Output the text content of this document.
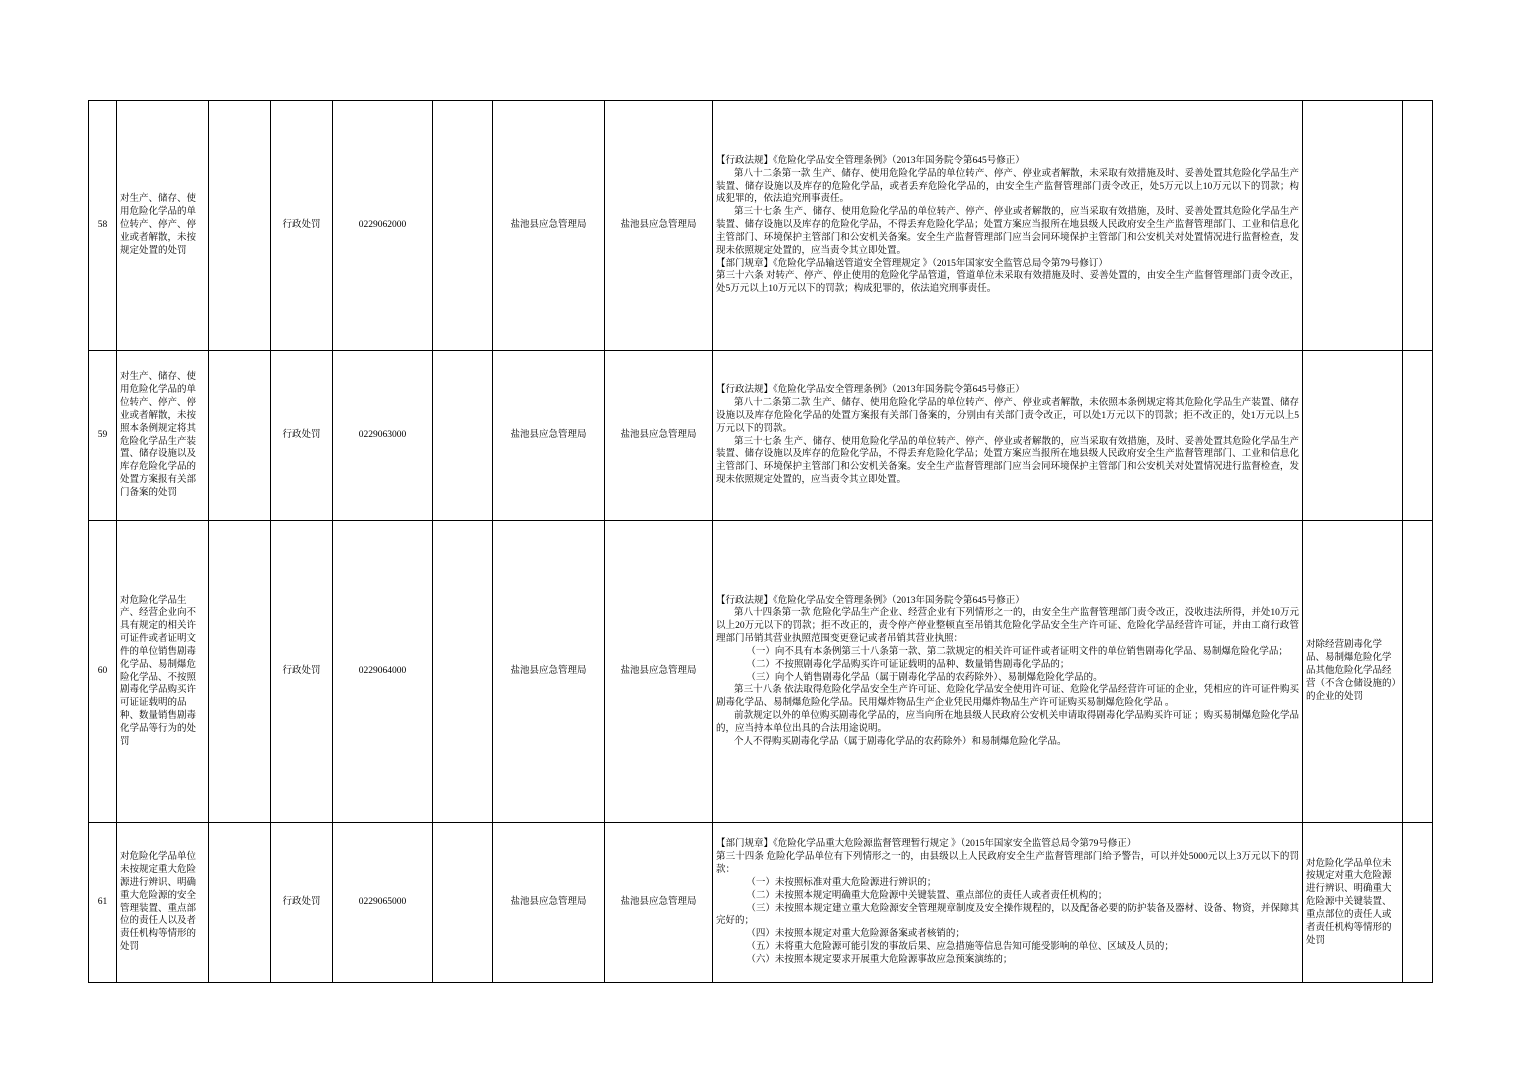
58	对生产、储存、使用危险化学品的单位转产、停产、停业或者解散，未按规定处置的处罚		行政处罚	0229062000		盐池县应急管理局	盐池县应急管理局	【行政法规】《危险化学品安全管理条例》（2013年国务院令第645号修正）
第八十二条第一款 生产、储存、使用危险化学品的单位转产、停产、停业或者解散，未采取有效措施及时、妥善处置其危险化学品生产装置、储存设施以及库存的危险化学品，或者丢弃危险化学品的，由安全生产监督管理部门责令改正，处5万元以上10万元以下的罚款；构成犯罪的，依法追究刑事责任。
第三十七条 生产、储存、使用危险化学品的单位转产、停产、停业或者解散的，应当采取有效措施，及时、妥善处置其危险化学品生产装置、储存设施以及库存的危险化学品，不得丢弃危险化学品；处置方案应当报所在地县级人民政府安全生产监督管理部门、工业和信息化主管部门、环境保护主管部门和公安机关备案。安全生产监督管理部门应当会同环境保护主管部门和公安机关对处置情况进行监督检查，发现未依照规定处置的，应当责令其立即处置。
【部门规章】《危险化学品输送管道安全管理规定 》（2015年国家安全监管总局令第79号修订）
第三十六条 对转产、停产、停止使用的危险化学品管道，管道单位未采取有效措施及时、妥善处置的，由安全生产监督管理部门责令改正，处5万元以上10万元以下的罚款；构成犯罪的，依法追究刑事责任。		

59	对生产、储存、使用危险化学品的单位转产、停产、停业或者解散，未按照本条例规定将其危险化学品生产装置、储存设施以及库存危险化学品的处置方案报有关部门备案的处罚		行政处罚	0229063000		盐池县应急管理局	盐池县应急管理局	【行政法规】《危险化学品安全管理条例》（2013年国务院令第645号修正）
第八十二条第二款 生产、储存、使用危险化学品的单位转产、停产、停业或者解散，未依照本条例规定将其危险化学品生产装置、储存设施以及库存危险化学品的处置方案报有关部门备案的，分别由有关部门责令改正，可以处1万元以下的罚款；拒不改正的，处1万元以上5万元以下的罚款。
第三十七条 生产、储存、使用危险化学品的单位转产、停产、停业或者解散的，应当采取有效措施，及时、妥善处置其危险化学品生产装置、储存设施以及库存的危险化学品，不得丢弃危险化学品；处置方案应当报所在地县级人民政府安全生产监督管理部门、工业和信息化主管部门、环境保护主管部门和公安机关备案。安全生产监督管理部门应当会同环境保护主管部门和公安机关对处置情况进行监督检查，发现未依照规定处置的，应当责令其立即处置。		

60	对危险化学品生产、经营企业向不具有规定的相关许可证件或者证明文件的单位销售剧毒化学品、易制爆危险化学品、不按照剧毒化学品购买许可证证载明的品种、数量销售剧毒化学品等行为的处罚		行政处罚	0229064000		盐池县应急管理局	盐池县应急管理局	
【行政法规】《危险化学品安全管理条例》（2013年国务院令第645号修正）
第八十四条第一款 危险化学品生产企业、经营企业有下列情形之一的，由安全生产监督管理部门责令改正，没收违法所得，并处10万元以上20万元以下的罚款；拒不改正的，责令停产停业整顿直至吊销其危险化学品安全生产许可证、危险化学品经营许可证，并由工商行政管理部门吊销其营业执照范围变更登记或者吊销其营业执照：
（一）向不具有本条例第三十八条第一款、第二款规定的相关许可证件或者证明文件的单位销售剧毒化学品、易制爆危险化学品；
（二）不按照剧毒化学品购买许可证证载明的品种、数量销售剧毒化学品的；
（三）向个人销售剧毒化学品（属于剧毒化学品的农药除外）、易制爆危险化学品的。
第三十八条 依法取得危险化学品安全生产许可证、危险化学品安全使用许可证、危险化学品经营许可证的企业，凭相应的许可证件购买剧毒化学品、易制爆危险化学品。民用爆炸物品生产企业凭民用爆炸物品生产许可证购买易制爆危险化学品 。
前款规定以外的单位购买剧毒化学品的，应当向所在地县级人民政府公安机关申请取得剧毒化学品购买许可证 ；购买易制爆危险化学品的，应当持本单位出具的合法用途说明。
个人不得购买剧毒化学品（属于剧毒化学品的农药除外）和易制爆危险化学品。
	对除经营剧毒化学品、易制爆危险化学品其他危险化学品经营（不含仓储设施的）的企业的处罚	
61	对危险化学品单位未按规定重大危险源进行辨识、明确重大危险源的安全管理装置、重点部位的责任人以及者责任机构等情形的处罚		行政处罚	0229065000		盐池县应急管理局	盐池县应急管理局	
【部门规章】《危险化学品重大危险源监督管理暂行规定 》（2015年国家安全监管总局令第79号修正）
第三十四条 危险化学品单位有下列情形之一的，由县级以上人民政府安全生产监督管理部门给予警告，可以并处5000元以上3万元以下的罚款：
（一）未按照标准对重大危险源进行辨识的；
（二）未按照本规定明确重大危险源中关键装置、重点部位的责任人或者责任机构的；
（三）未按照本规定建立重大危险源安全管理规章制度及安全操作规程的，以及配备必要的防护装备及器材、设备、物资，并保障其完好的；
（四）未按照本规定对重大危险源备案或者核销的；
（五）未将重大危险源可能引发的事故后果、应急措施等信息告知可能受影响的单位、区域及人员的；
（六）未按照本规定要求开展重大危险源事故应急预案演练的；
	对危险化学品单位未按规定对重大危险源进行辨识、明确重大危险源中关键装置、重点部位的责任人或者责任机构等情形的处罚	
